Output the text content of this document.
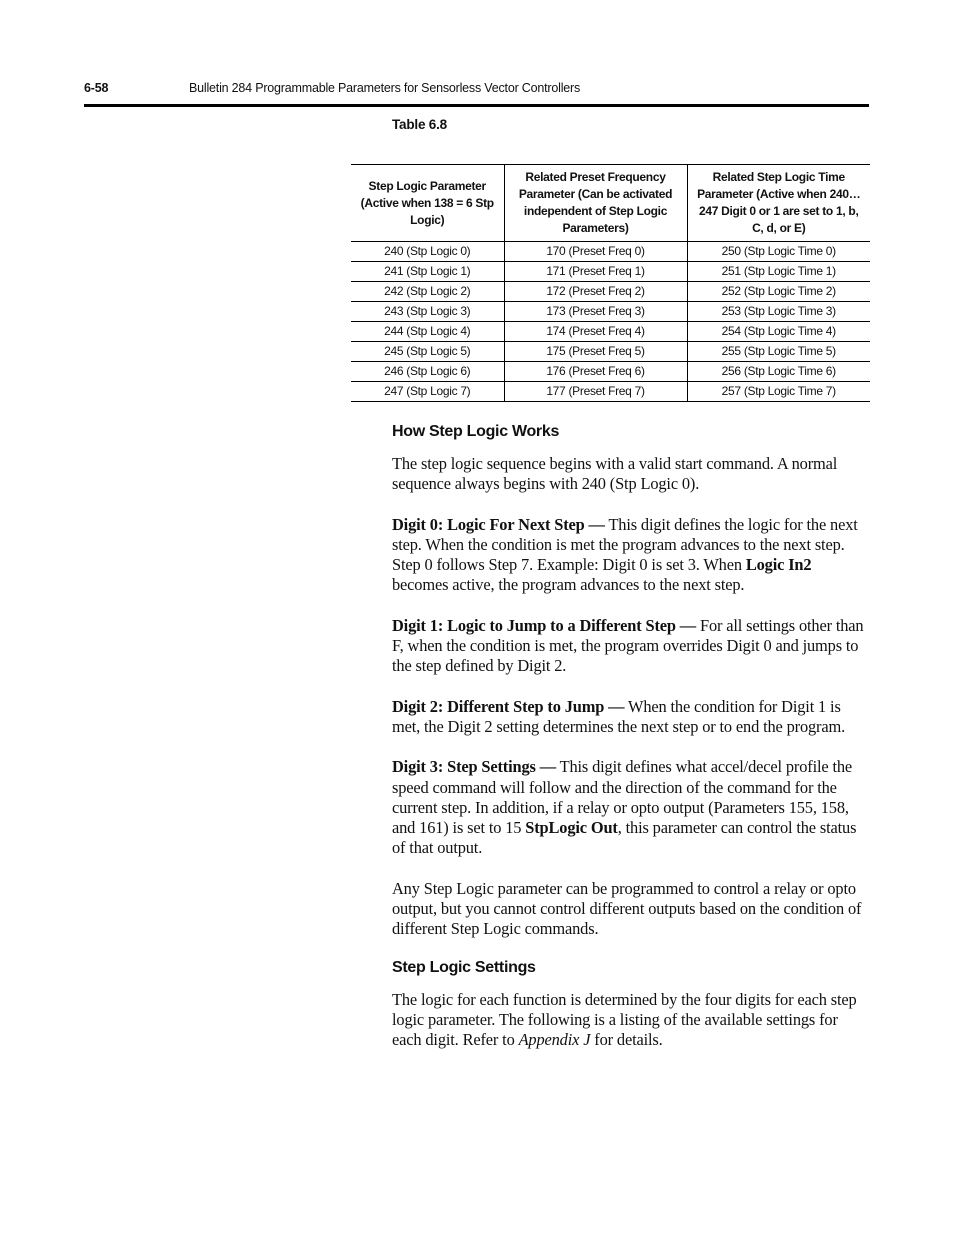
6-58	Bulletin 284 Programmable Parameters for Sensorless Vector Controllers
Table 6.8
Step Logic Parameter (Active when 138 = 6 Stp Logic)	Related Preset Frequency Parameter (Can be activated independent of Step Logic Parameters)	Related Step Logic Time Parameter (Active when 240…247 Digit 0 or 1 are set to 1, b, C, d, or E)
240 (Stp Logic 0)	170 (Preset Freq 0)	250 (Stp Logic Time 0)
241 (Stp Logic 1)	171 (Preset Freq 1)	251 (Stp Logic Time 1)
242 (Stp Logic 2)	172 (Preset Freq 2)	252 (Stp Logic Time 2)
243 (Stp Logic 3)	173 (Preset Freq 3)	253 (Stp Logic Time 3)
244 (Stp Logic 4)	174 (Preset Freq 4)	254 (Stp Logic Time 4)
245 (Stp Logic 5)	175 (Preset Freq 5)	255 (Stp Logic Time 5)
246 (Stp Logic 6)	176 (Preset Freq 6)	256 (Stp Logic Time 6)
247 (Stp Logic 7)	177 (Preset Freq 7)	257 (Stp Logic Time 7)
How Step Logic Works

The step logic sequence begins with a valid start command. A normal sequence always begins with 240 (Stp Logic 0).

Digit 0: Logic For Next Step — This digit defines the logic for the next step. When the condition is met the program advances to the next step. Step 0 follows Step 7. Example: Digit 0 is set 3. When Logic In2 becomes active, the program advances to the next step.

Digit 1: Logic to Jump to a Different Step — For all settings other than F, when the condition is met, the program overrides Digit 0 and jumps to the step defined by Digit 2.

Digit 2: Different Step to Jump — When the condition for Digit 1 is met, the Digit 2 setting determines the next step or to end the program.

Digit 3: Step Settings — This digit defines what accel/decel profile the speed command will follow and the direction of the command for the current step. In addition, if a relay or opto output (Parameters 155, 158, and 161) is set to 15 StpLogic Out, this parameter can control the status of that output.

Any Step Logic parameter can be programmed to control a relay or opto output, but you cannot control different outputs based on the condition of different Step Logic commands.

Step Logic Settings

The logic for each function is determined by the four digits for each step logic parameter. The following is a listing of the available settings for each digit. Refer to Appendix J for details.
